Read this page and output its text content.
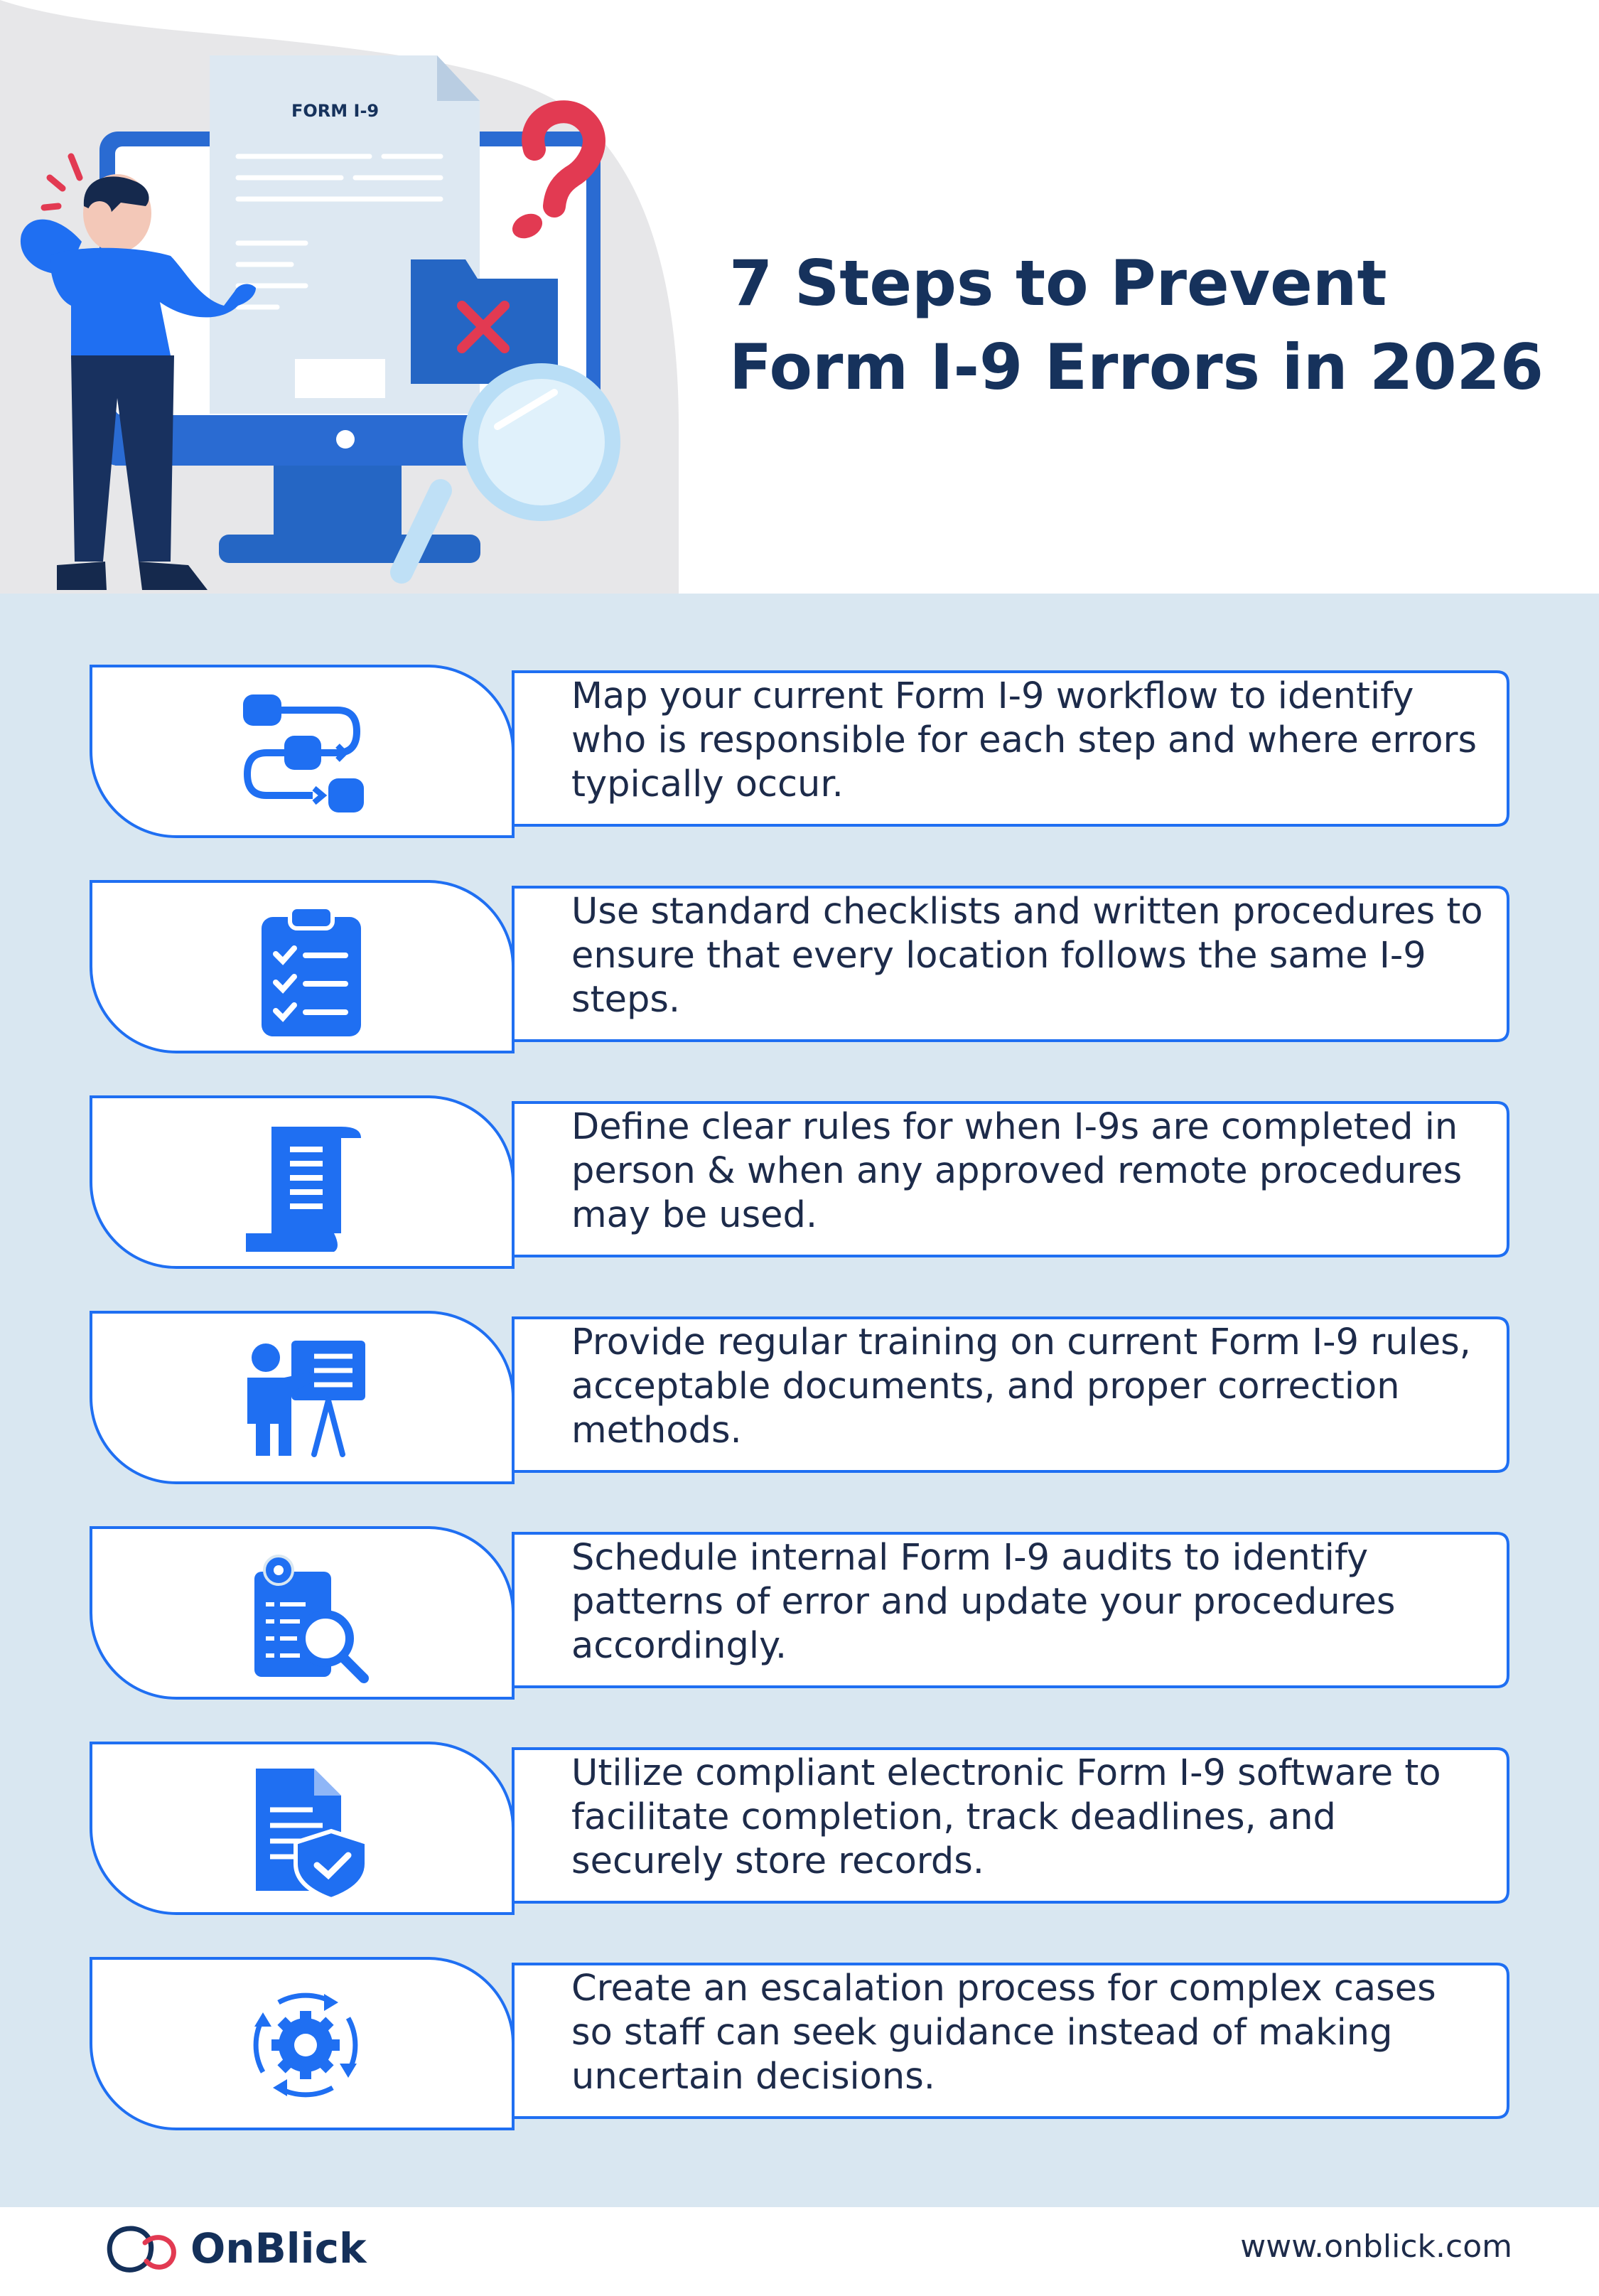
FORM I-9
7 Steps to Prevent
Form I-9 Errors in 2026

Map your current Form I-9 workflow to identify who is responsible for each step and where errors typically occur.

Use standard checklists and written procedures to ensure that every location follows the same I-9 steps.

Define clear rules for when I-9s are completed in person & when any approved remote procedures may be used.

Provide regular training on current Form I-9 rules, acceptable documents, and proper correction methods.

Schedule internal Form I-9 audits to identify patterns of error and update your procedures accordingly.

Utilize compliant electronic Form I-9 software to facilitate completion, track deadlines, and securely store records.

Create an escalation process for complex cases so staff can seek guidance instead of making uncertain decisions.

OnBlick	www.onblick.com
